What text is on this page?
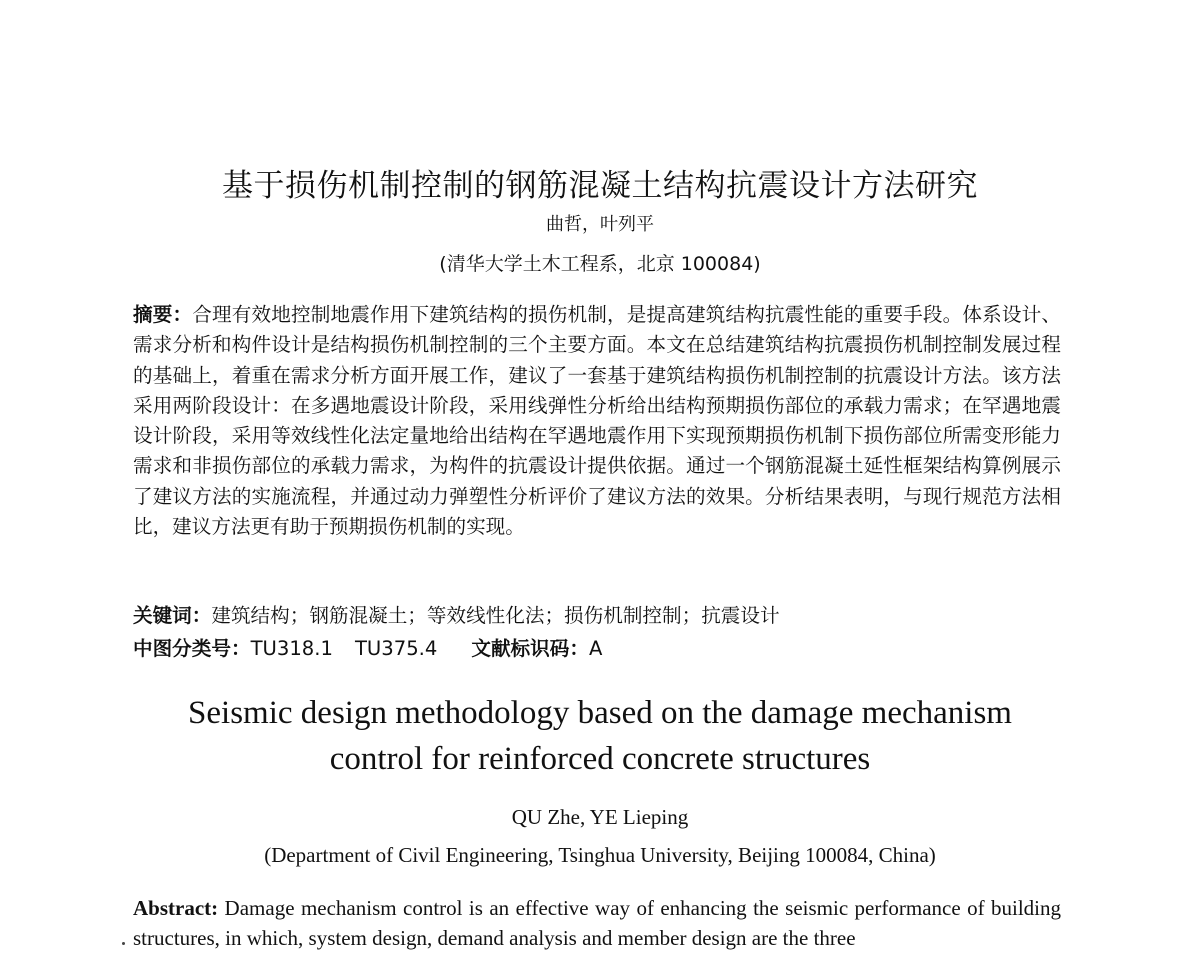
基于损伤机制控制的钢筋混凝土结构抗震设计方法研究
曲哲，叶列平
(清华大学土木工程系，北京 100084)
摘要：合理有效地控制地震作用下建筑结构的损伤机制，是提高建筑结构抗震性能的重要手段。体系设计、需求分析和构件设计是结构损伤机制控制的三个主要方面。本文在总结建筑结构抗震损伤机制控制发展过程的基础上，着重在需求分析方面开展工作，建议了一套基于建筑结构损伤机制控制的抗震设计方法。该方法采用两阶段设计：在多遇地震设计阶段，采用线弹性分析给出结构预期损伤部位的承载力需求；在罕遇地震设计阶段，采用等效线性化法定量地给出结构在罕遇地震作用下实现预期损伤机制下损伤部位所需变形能力需求和非损伤部位的承载力需求，为构件的抗震设计提供依据。通过一个钢筋混凝土延性框架结构算例展示了建议方法的实施流程，并通过动力弹塑性分析评价了建议方法的效果。分析结果表明，与现行规范方法相比，建议方法更有助于预期损伤机制的实现。
关键词：建筑结构；钢筋混凝土；等效线性化法；损伤机制控制；抗震设计
中图分类号：TU318.1 TU375.4 文献标识码：A
Seismic design methodology based on the damage mechanism
control for reinforced concrete structures
QU Zhe, YE Lieping
(Department of Civil Engineering, Tsinghua University, Beijing 100084, China)
Abstract: Damage mechanism control is an effective way of enhancing the seismic performance of building structures, in which, system design, demand analysis and member design are the three
